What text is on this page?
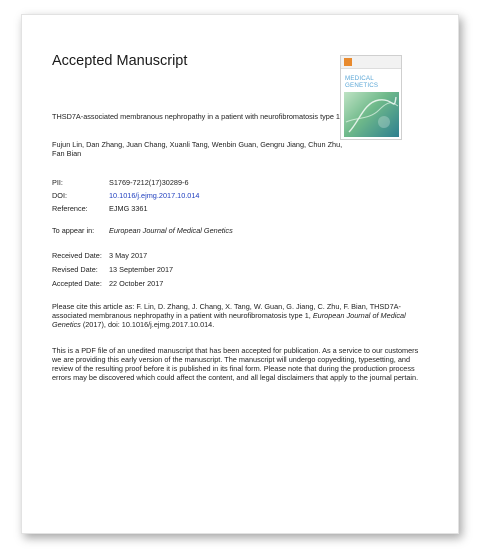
Accepted Manuscript
MEDICAL GENETICS
THSD7A-associated membranous nephropathy in a patient with neurofibromatosis type 1
Fujun Lin, Dan Zhang, Juan Chang, Xuanli Tang, Wenbin Guan, Gengru Jiang, Chun Zhu, Fan Bian
PII:	S1769-7212(17)30289-6
DOI:	10.1016/j.ejmg.2017.10.014
Reference:	EJMG 3361
To appear in: European Journal of Medical Genetics
Received Date: 3 May 2017
Revised Date: 13 September 2017
Accepted Date: 22 October 2017
Please cite this article as: F. Lin, D. Zhang, J. Chang, X. Tang, W. Guan, G. Jiang, C. Zhu, F. Bian, THSD7A-associated membranous nephropathy in a patient with neurofibromatosis type 1, European Journal of Medical Genetics (2017), doi: 10.1016/j.ejmg.2017.10.014.
This is a PDF file of an unedited manuscript that has been accepted for publication. As a service to our customers we are providing this early version of the manuscript. The manuscript will undergo copyediting, typesetting, and review of the resulting proof before it is published in its final form. Please note that during the production process errors may be discovered which could affect the content, and all legal disclaimers that apply to the journal pertain.
